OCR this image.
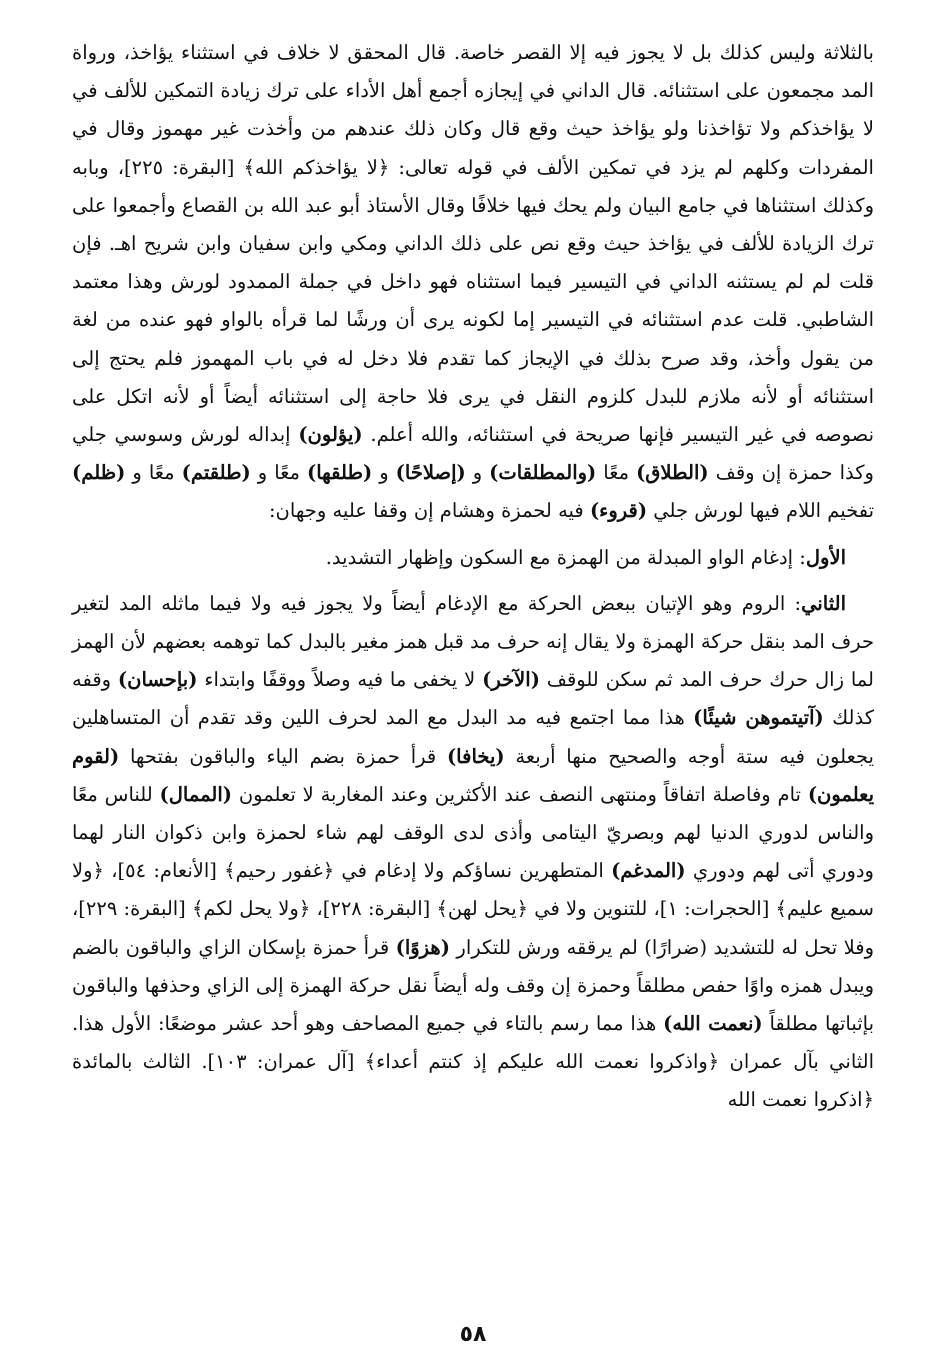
بالثلاثة وليس كذلك بل لا يجوز فيه إلا القصر خاصة. قال المحقق لا خلاف في استثناء يؤاخذ، ورواة المد مجمعون على استثنائه. قال الداني في إيجازه أجمع أهل الأداء على ترك زيادة التمكين للألف في لا يؤاخذكم ولا تؤاخذنا ولو يؤاخذ حيث وقع قال وكان ذلك عندهم من وأخذت غير مهموز وقال في المفردات وكلهم لم يزد في تمكين الألف في قوله تعالى: ﴿لا يؤاخذكم الله﴾ [البقرة: ٢٢٥]، وبابه وكذلك استثناها في جامع البيان ولم يحك فيها خلافًا وقال الأستاذ أبو عبد الله بن القصاع وأجمعوا على ترك الزيادة للألف في يؤاخذ حيث وقع نص على ذلك الداني ومكي وابن سفيان وابن شريح اهـ. فإن قلت لم لم يستثنه الداني في التيسير فيما استثناه فهو داخل في جملة الممدود لورش وهذا معتمد الشاطبي. قلت عدم استثنائه في التيسير إما لكونه يرى أن ورشًا لما قرأه بالواو فهو عنده من لغة من يقول وأخذ، وقد صرح بذلك في الإيجاز كما تقدم فلا دخل له في باب المهموز فلم يحتج إلى استثنائه أو لأنه ملازم للبدل كلزوم النقل في يرى فلا حاجة إلى استثنائه أيضاً أو لأنه اتكل على نصوصه في غير التيسير فإنها صريحة في استثنائه، والله أعلم. (يؤلون) إبداله لورش وسوسي جلي وكذا حمزة إن وقف (الطلاق) معًا (والمطلقات) و (إصلاحًا) و (طلقها) معًا و (طلقتم) معًا و (ظلم) تفخيم اللام فيها لورش جلي (قروء) فيه لحمزة وهشام إن وقفا عليه وجهان:

الأول: إدغام الواو المبدلة من الهمزة مع السكون وإظهار التشديد.

الثاني: الروم وهو الإتيان ببعض الحركة مع الإدغام أيضاً ولا يجوز فيه ولا فيما ماثله المد لتغير حرف المد بنقل حركة الهمزة ولا يقال إنه حرف مد قبل همز مغير بالبدل كما توهمه بعضهم لأن الهمز لما زال حرك حرف المد ثم سكن للوقف (الآخر) لا يخفى ما فيه وصلاً ووقفًا وابتداء (بإحسان) وقفه كذلك (آتيتموهن شيئًا) هذا مما اجتمع فيه مد البدل مع المد لحرف اللين وقد تقدم أن المتساهلين يجعلون فيه ستة أوجه والصحيح منها أربعة (يخافا) قرأ حمزة بضم الياء والباقون بفتحها (لقوم يعلمون) تام وفاصلة اتفاقاً ومنتهى النصف عند الأكثرين وعند المغاربة لا تعلمون (الممال) للناس معًا والناس لدوري الدنيا لهم وبصريّ اليتامى وأذى لدى الوقف لهم شاء لحمزة وابن ذكوان النار لهما ودوري أتى لهم ودوري (المدغم) المتطهرين نساؤكم ولا إدغام في ﴿غفور رحيم﴾ [الأنعام: ٥٤]، ﴿ولا سميع عليم﴾ [الحجرات: ١]، للتنوين ولا في ﴿يحل لهن﴾ [البقرة: ٢٢٨]، ﴿ولا يحل لكم﴾ [البقرة: ٢٢٩]، وفلا تحل له للتشديد (ضرارًا) لم يرققه ورش للتكرار (هزوًا) قرأ حمزة بإسكان الزاي والباقون بالضم ويبدل همزه واوًا حفص مطلقاً وحمزة إن وقف وله أيضاً نقل حركة الهمزة إلى الزاي وحذفها والباقون بإثباتها مطلقاً (نعمت الله) هذا مما رسم بالتاء في جميع المصاحف وهو أحد عشر موضعًا: الأول هذا. الثاني بآل عمران ﴿واذكروا نعمت الله عليكم إذ كنتم أعداء﴾ [آل عمران: ١٠٣]. الثالث بالمائدة ﴿اذكروا نعمت الله

٥٨
